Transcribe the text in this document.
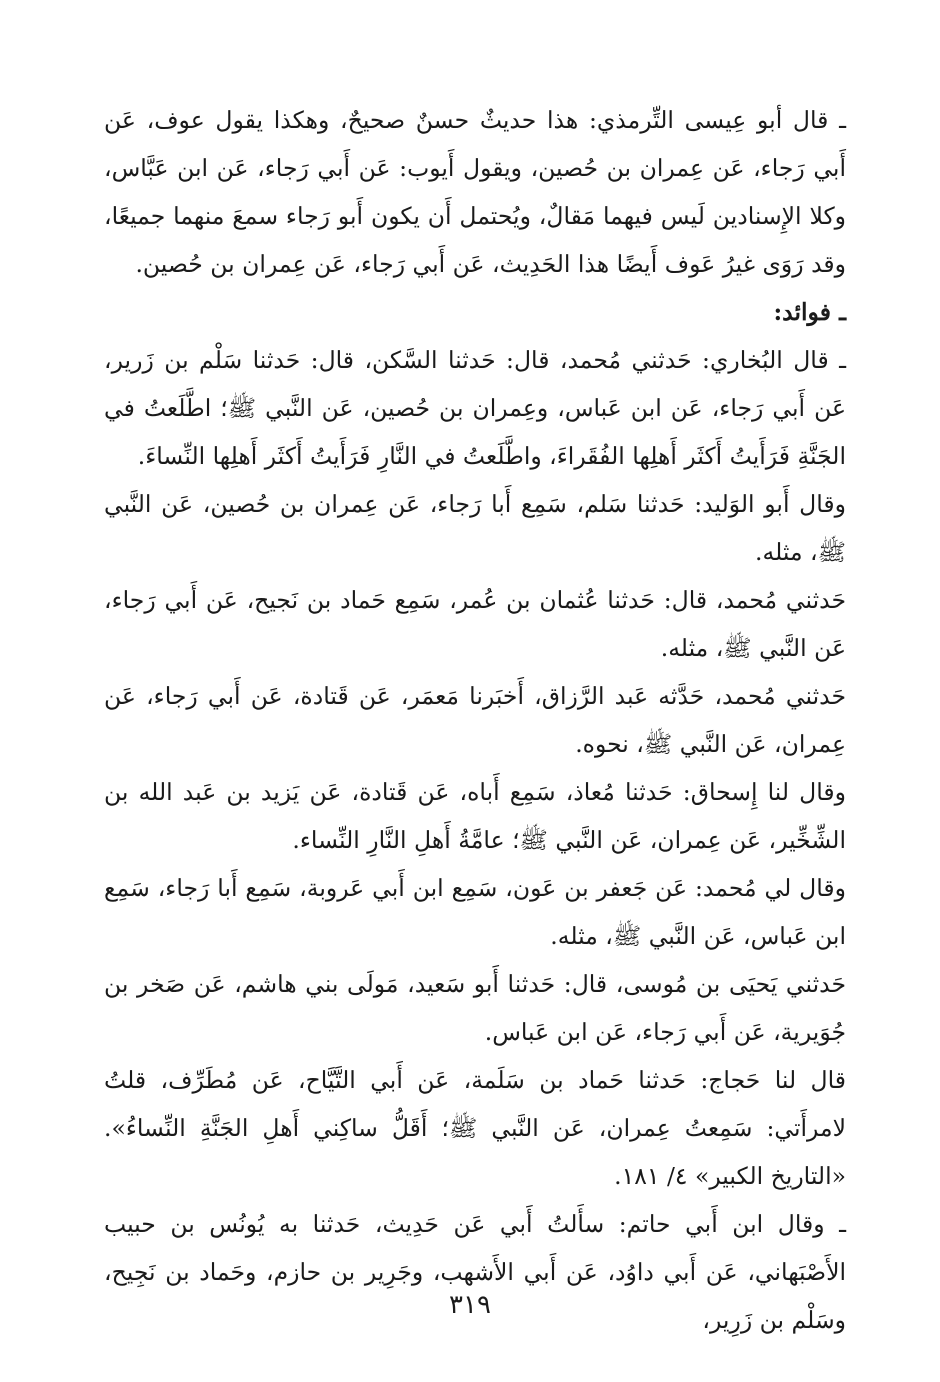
ـ قال أبو عِيسى التِّرمذي: هذا حديثٌ حسنٌ صحيحٌ، وهكذا يقول عوف، عَن أَبي رَجاء، عَن عِمران بن حُصين، ويقول أَيوب: عَن أَبي رَجاء، عَن ابن عَبَّاس، وكلا الإِسنادين لَيس فيهما مَقالٌ، ويُحتمل أَن يكون أَبو رَجاء سمعَ منهما جميعًا، وقد رَوَى غيرُ عَوف أَيضًا هذا الحَدِيث، عَن أَبي رَجاء، عَن عِمران بن حُصين.

ـ فوائد:

ـ قال البُخاري: حَدثني مُحمد، قال: حَدثنا السَّكن، قال: حَدثنا سَلْم بن زَرير، عَن أَبي رَجاء، عَن ابن عَباس، وعِمران بن حُصين، عَن النَّبي ﷺ؛ اطَّلَعتُ في الجَنَّةِ فَرَأَيتُ أَكثَر أَهلِها الفُقَراءَ، واطَّلَعتُ في النَّارِ فَرَأَيتُ أَكثَر أَهلِها النِّساءَ.

وقال أَبو الوَليد: حَدثنا سَلم، سَمِع أَبا رَجاء، عَن عِمران بن حُصين، عَن النَّبي ﷺ، مثله.

حَدثني مُحمد، قال: حَدثنا عُثمان بن عُمر، سَمِع حَماد بن نَجيح، عَن أَبي رَجاء، عَن النَّبي ﷺ، مثله.

حَدثني مُحمد، حَدَّثه عَبد الرَّزاق، أَخبَرنا مَعمَر، عَن قَتادة، عَن أَبي رَجاء، عَن عِمران، عَن النَّبي ﷺ، نحوه.

وقال لنا إِسحاق: حَدثنا مُعاذ، سَمِع أَباه، عَن قَتادة، عَن يَزيد بن عَبد الله بن الشِّخِّير، عَن عِمران، عَن النَّبي ﷺ؛ عامَّةُ أَهلِ النَّارِ النِّساء.

وقال لي مُحمد: عَن جَعفر بن عَون، سَمِع ابن أَبي عَروبة، سَمِع أَبا رَجاء، سَمِع ابن عَباس، عَن النَّبي ﷺ، مثله.

حَدثني يَحيَى بن مُوسى، قال: حَدثنا أَبو سَعيد، مَولَى بني هاشم، عَن صَخر بن جُوَيرية، عَن أَبي رَجاء، عَن ابن عَباس.

قال لنا حَجاج: حَدثنا حَماد بن سَلَمة، عَن أَبي التَّيَّاح، عَن مُطَرِّف، قلتُ لامرأَتي: سَمِعتُ عِمران، عَن النَّبي ﷺ؛ أَقَلُّ ساكِني أَهلِ الجَنَّةِ النِّساءُ». «التاريخ الكبير» ٤/ ١٨١.

ـ وقال ابن أَبي حاتم: سأَلتُ أَبي عَن حَدِيث، حَدثنا به يُونُس بن حبيب الأَصْبَهاني، عَن أَبي داوُد، عَن أَبي الأَشهب، وجَرِير بن حازم، وحَماد بن نَجِيح، وسَلْم بن زَرِير،

٣١٩
